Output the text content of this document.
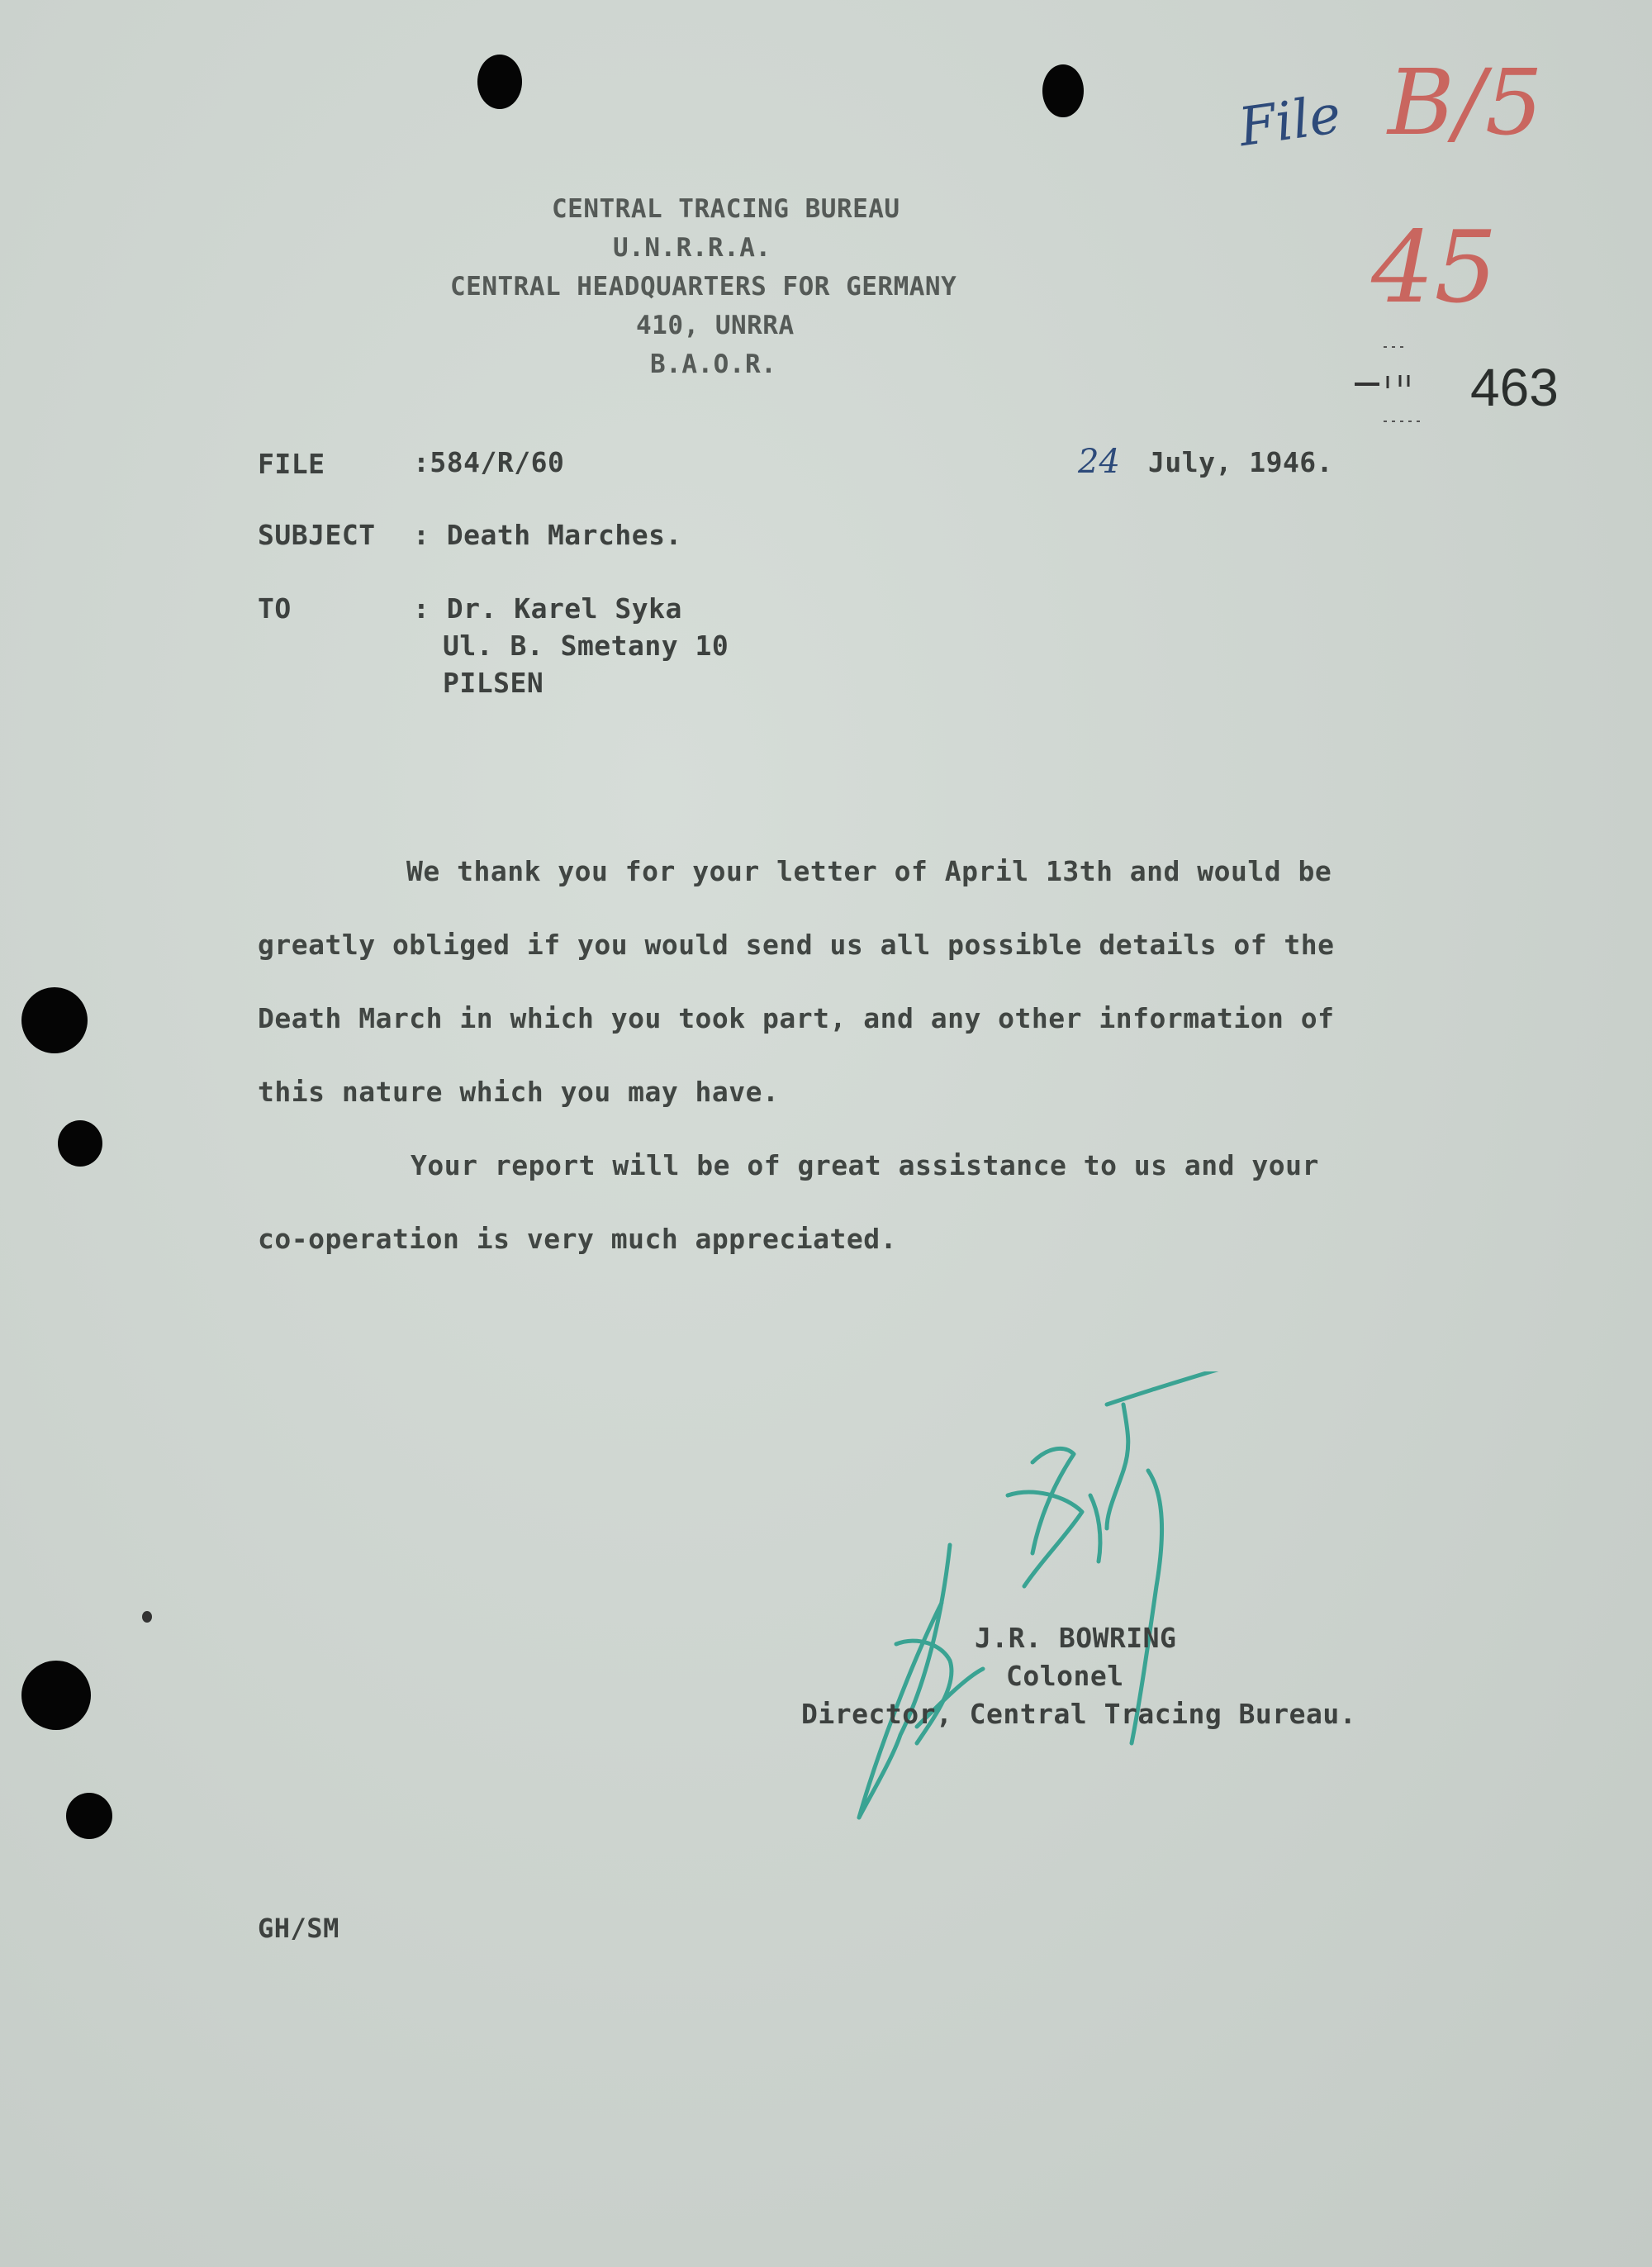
CENTRAL TRACING BUREAU
U.N.R.R.A.
CENTRAL HEADQUARTERS FOR GERMANY
410, UNRRA
B.A.O.R.
File B/5
45
463
FILE	:584/R/60	24 July, 1946.
SUBJECT : Death Marches.
TO	: Dr. Karel Syka
Ul. B. Smetany 10
PILSEN

We thank you for your letter of April 13th and would be

greatly obliged if you would send us all possible details of the

Death March in which you took part, and any other information of

this nature which you may have.

Your report will be of great assistance to us and your

co-operation is very much appreciated.

J.R. BOWRING
Colonel
Director, Central Tracing Bureau.
GH/SM
